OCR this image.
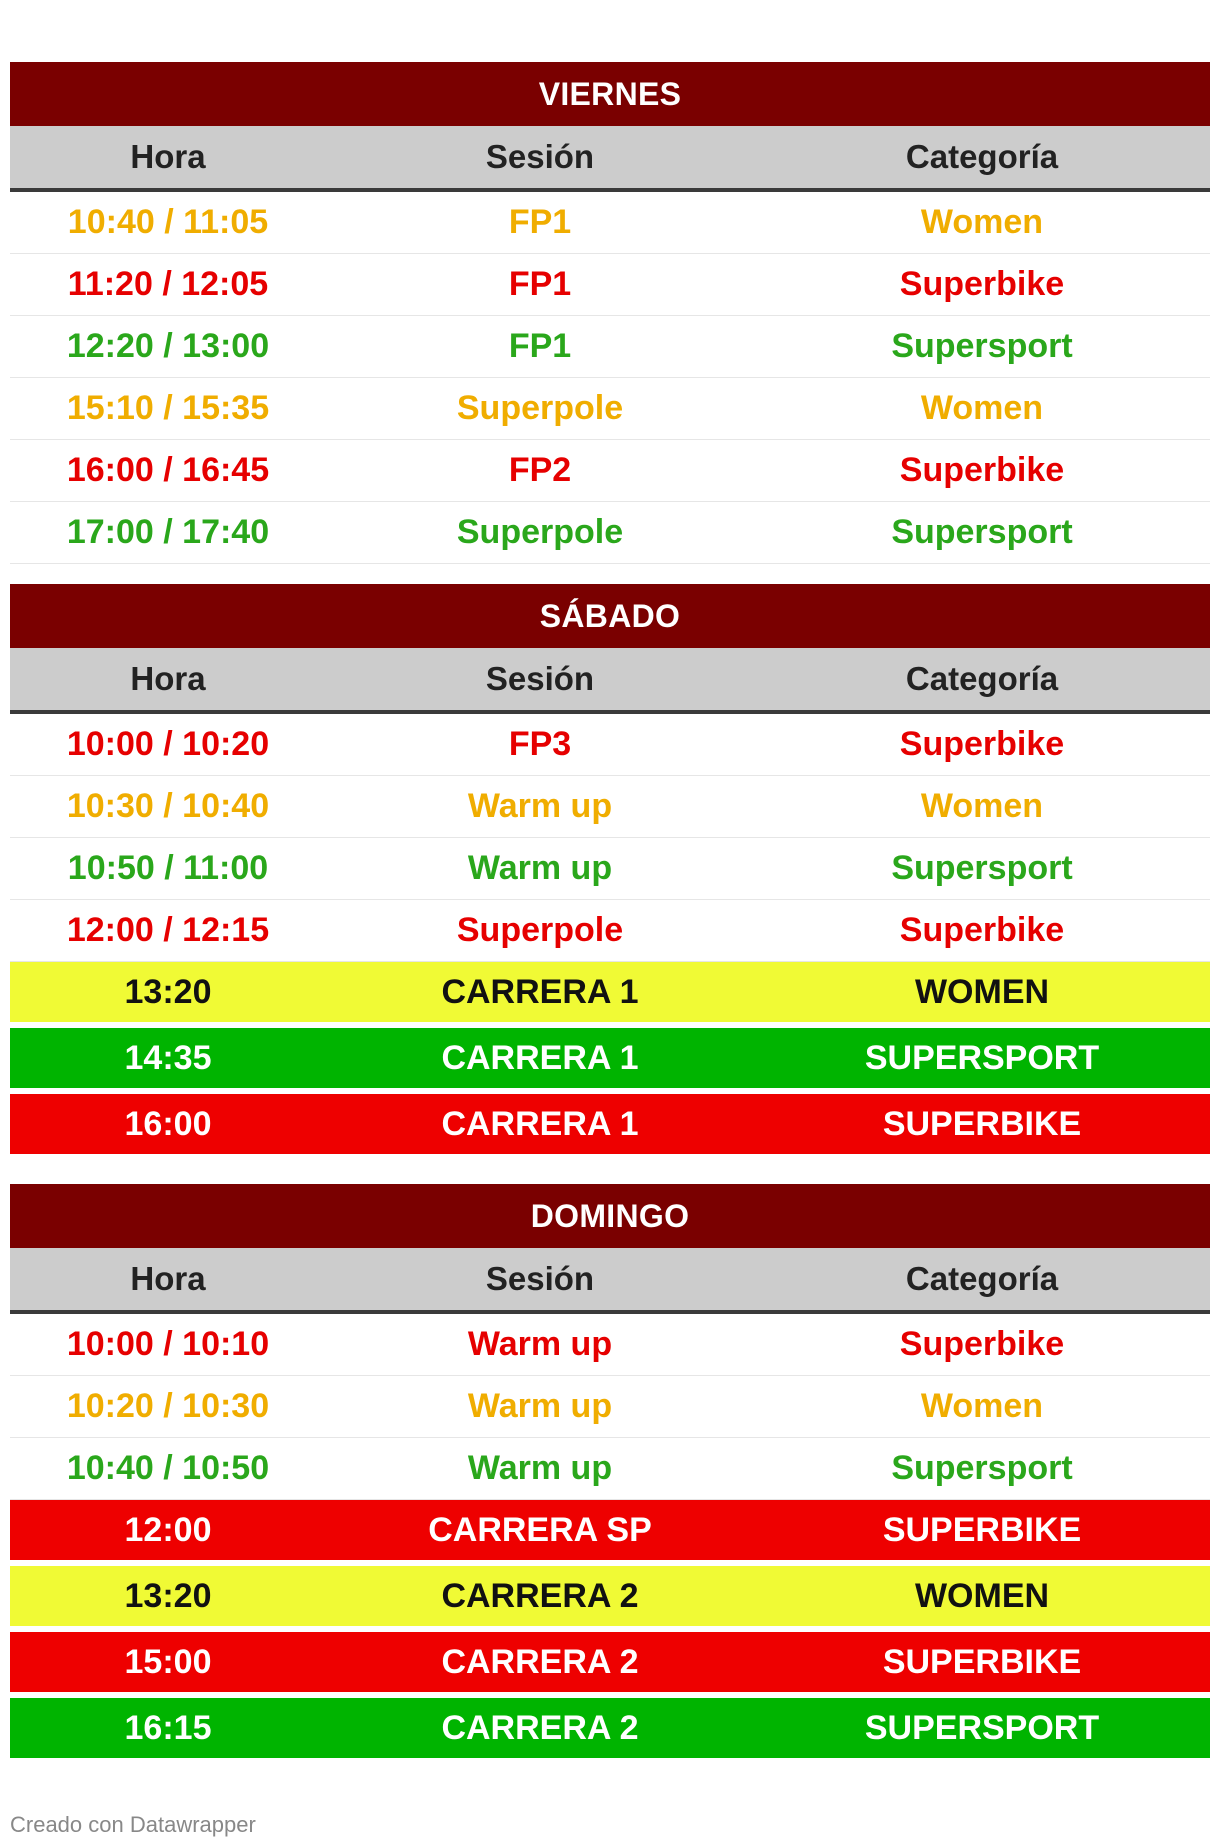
VIERNES
Hora	Sesión	Categoría
10:40 / 11:05	FP1	Women
11:20 / 12:05	FP1	Superbike
12:20 / 13:00	FP1	Supersport
15:10 / 15:35	Superpole	Women
16:00 / 16:45	FP2	Superbike
17:00 / 17:40	Superpole	Supersport
SÁBADO
Hora	Sesión	Categoría
10:00 / 10:20	FP3	Superbike
10:30 / 10:40	Warm up	Women
10:50 / 11:00	Warm up	Supersport
12:00 / 12:15	Superpole	Superbike
13:20	CARRERA 1	WOMEN
14:35	CARRERA 1	SUPERSPORT
16:00	CARRERA 1	SUPERBIKE
DOMINGO
Hora	Sesión	Categoría
10:00 / 10:10	Warm up	Superbike
10:20 / 10:30	Warm up	Women
10:40 / 10:50	Warm up	Supersport
12:00	CARRERA SP	SUPERBIKE
13:20	CARRERA 2	WOMEN
15:00	CARRERA 2	SUPERBIKE
16:15	CARRERA 2	SUPERSPORT
Creado con Datawrapper
